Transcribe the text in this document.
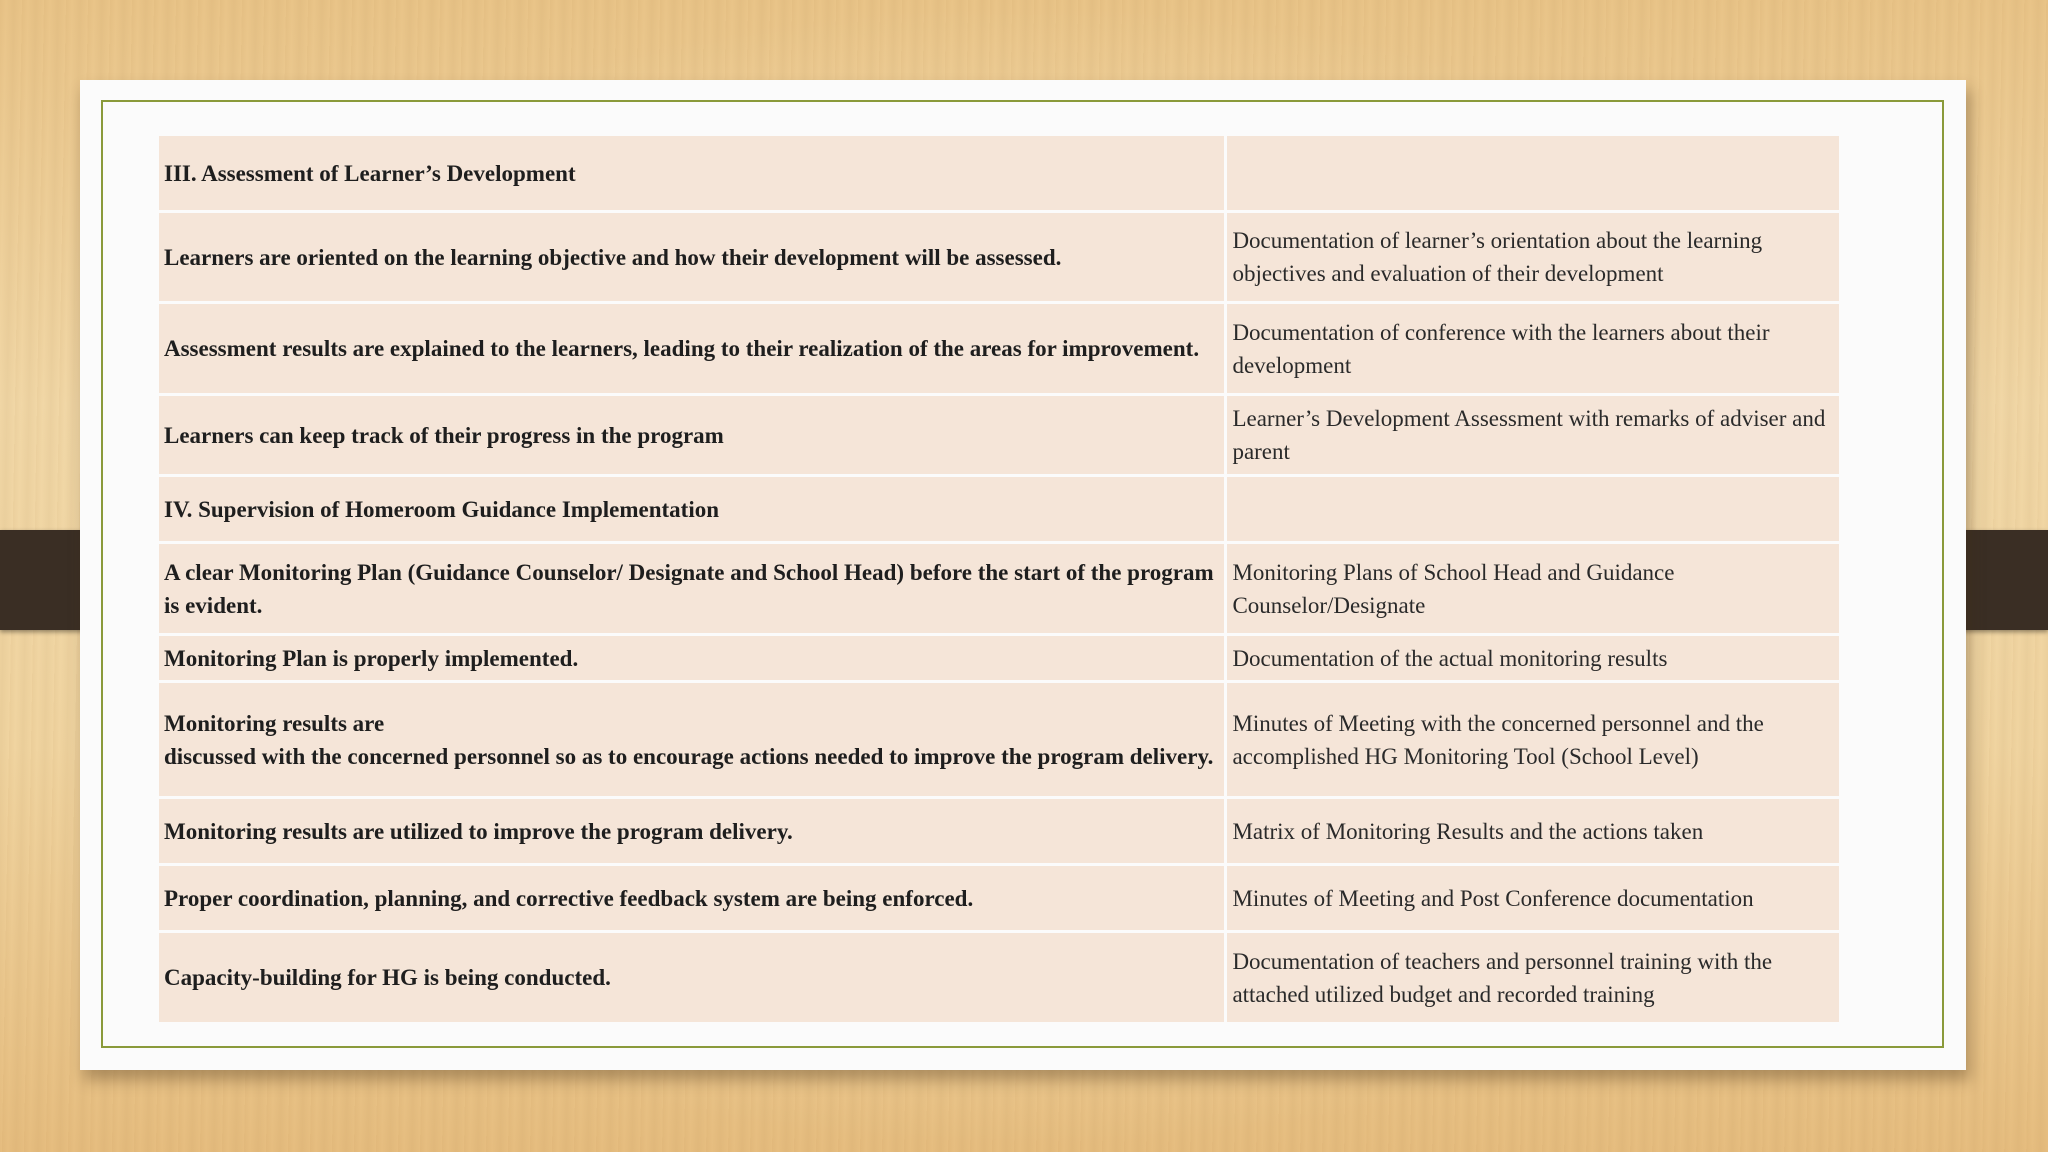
III. Assessment of Learner’s Development	
Learners are oriented on the learning objective and how their development will be assessed.	Documentation of learner’s orientation about the learning objectives and evaluation of their development
Assessment results are explained to the learners, leading to their realization of the areas for improvement.	Documentation of conference with the learners about their development
Learners can keep track of their progress in the program	Learner’s Development Assessment with remarks of adviser and parent
IV. Supervision of Homeroom Guidance Implementation	
A clear Monitoring Plan (Guidance Counselor/ Designate and School Head) before the start of the program is evident.	Monitoring Plans of School Head and Guidance Counselor/Designate
Monitoring Plan is properly implemented.	Documentation of the actual monitoring results

Monitoring results are
discussed with the concerned personnel so as to encourage actions needed to improve the program delivery.	Minutes of Meeting with the concerned personnel and the accomplished HG Monitoring Tool (School Level)
Monitoring results are utilized to improve the program delivery.	Matrix of Monitoring Results and the actions taken
Proper coordination, planning, and corrective feedback system are being enforced.	Minutes of Meeting and Post Conference documentation
Capacity-building for HG is being conducted.	Documentation of teachers and personnel training with the attached utilized budget and recorded training
